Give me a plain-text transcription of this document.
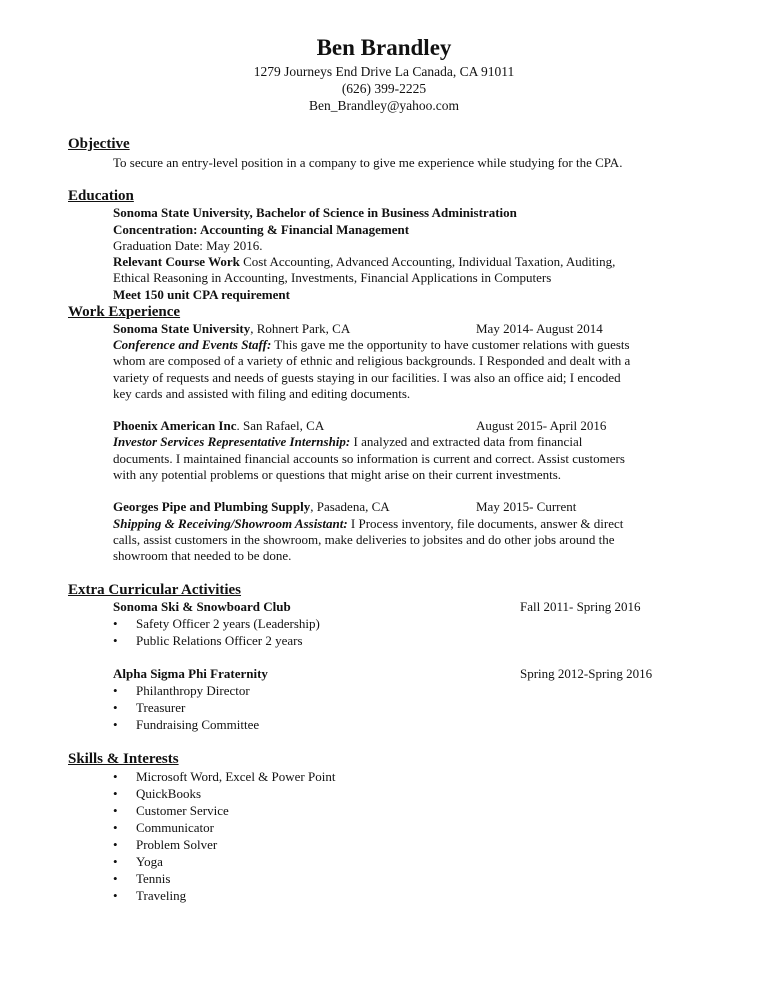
Ben Brandley
1279 Journeys End Drive La Canada, CA 91011
(626) 399-2225
Ben_Brandley@yahoo.com
Objective
To secure an entry-level position in a company to give me experience while studying for the CPA.
Education
Sonoma State University, Bachelor of Science in Business Administration
Concentration: Accounting & Financial Management
Graduation Date: May 2016.
Relevant Course Work Cost Accounting, Advanced Accounting, Individual Taxation, Auditing,
Ethical Reasoning in Accounting, Investments, Financial Applications in Computers
Meet 150 unit CPA requirement
Work Experience
Sonoma State University, Rohnert Park, CA	May 2014- August 2014
Conference and Events Staff: This gave me the opportunity to have customer relations with guests
whom are composed of a variety of ethnic and religious backgrounds. I Responded and dealt with a
variety of requests and needs of guests staying in our facilities. I was also an office aid; I encoded
key cards and assisted with filing and editing documents.
Phoenix American Inc. San Rafael, CA	August 2015- April 2016
Investor Services Representative Internship: I analyzed and extracted data from financial
documents. I maintained financial accounts so information is current and correct. Assist customers
with any potential problems or questions that might arise on their current investments.
Georges Pipe and Plumbing Supply, Pasadena, CA	May 2015- Current
Shipping & Receiving/Showroom Assistant: I Process inventory, file documents, answer & direct
calls, assist customers in the showroom, make deliveries to jobsites and do other jobs around the
showroom that needed to be done.
Extra Curricular Activities
Sonoma Ski & Snowboard Club	Fall 2011- Spring 2016
• Safety Officer 2 years (Leadership)
• Public Relations Officer 2 years
Alpha Sigma Phi Fraternity	Spring 2012-Spring 2016
• Philanthropy Director
• Treasurer
• Fundraising Committee
Skills & Interests
• Microsoft Word, Excel & Power Point
• QuickBooks
• Customer Service
• Communicator
• Problem Solver
• Yoga
• Tennis
• Traveling
